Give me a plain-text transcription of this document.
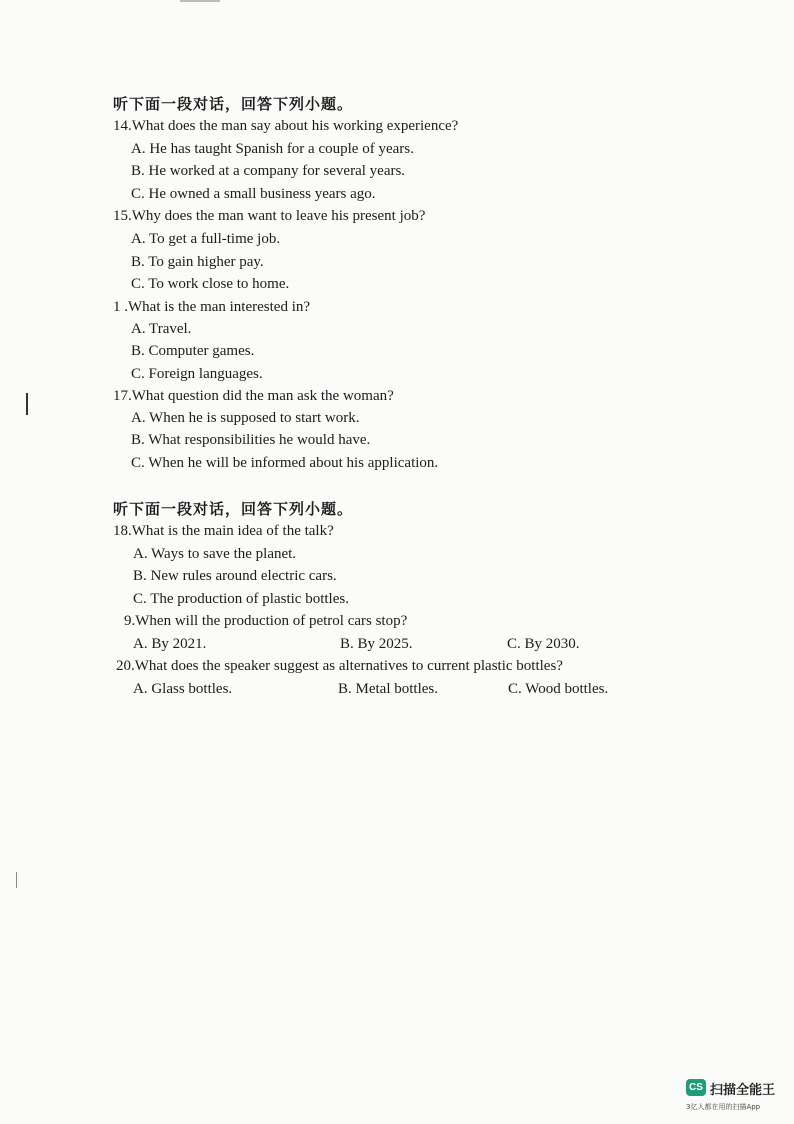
听下面一段对话，回答下列小题。
14.What does the man say about his working experience?
A. He has taught Spanish for a couple of years.
B. He worked at a company for several years.
C. He owned a small business years ago.
15.Why does the man want to leave his present job?
A. To get a full-time job.
B. To gain higher pay.
C. To work close to home.
1 .What is the man interested in?
A. Travel.
B. Computer games.
C. Foreign languages.
17.What question did the man ask the woman?
A. When he is supposed to start work.
B. What responsibilities he would have.
C. When he will be informed about his application.
听下面一段对话，回答下列小题。
18.What is the main idea of the talk?
A. Ways to save the planet.
B. New rules around electric cars.
C. The production of plastic bottles.
9.When will the production of petrol cars stop?
A. By 2021.	B. By 2025.	C. By 2030.
20.What does the speaker suggest as alternatives to current plastic bottles?
A. Glass bottles.	B. Metal bottles.	C. Wood bottles.
CS 扫描全能王
3亿人都在用的扫描App
